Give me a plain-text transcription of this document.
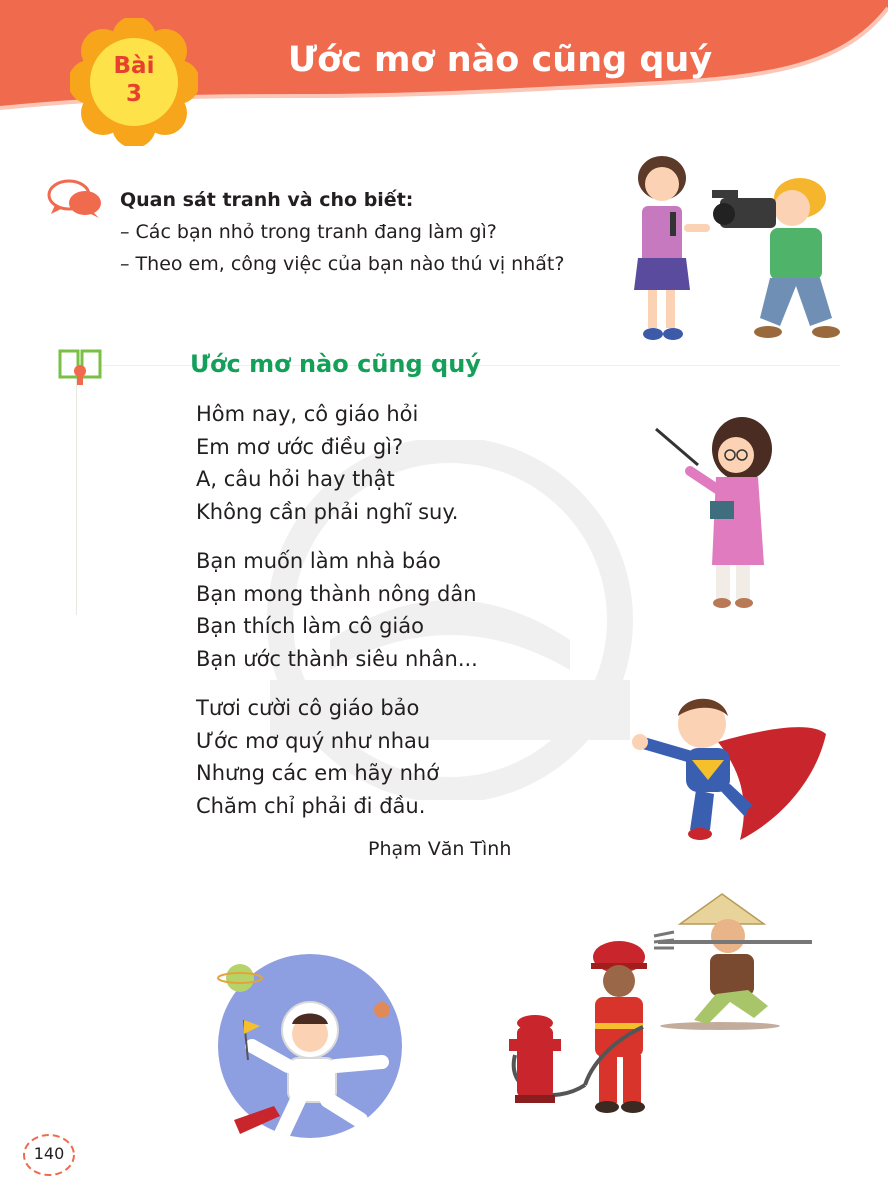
Ước mơ nào cũng quý
Bài
3
Quan sát tranh và cho biết:
– Các bạn nhỏ trong tranh đang làm gì?
– Theo em, công việc của bạn nào thú vị nhất?
Ước mơ nào cũng quý
Hôm nay, cô giáo hỏi
Em mơ ước điều gì?
A, câu hỏi hay thật
Không cần phải nghĩ suy.
Bạn muốn làm nhà báo
Bạn mong thành nông dân
Bạn thích làm cô giáo
Bạn ước thành siêu nhân...
Tươi cười cô giáo bảo
Ước mơ quý như nhau
Nhưng các em hãy nhớ
Chăm chỉ phải đi đầu.
Phạm Văn Tình
140
